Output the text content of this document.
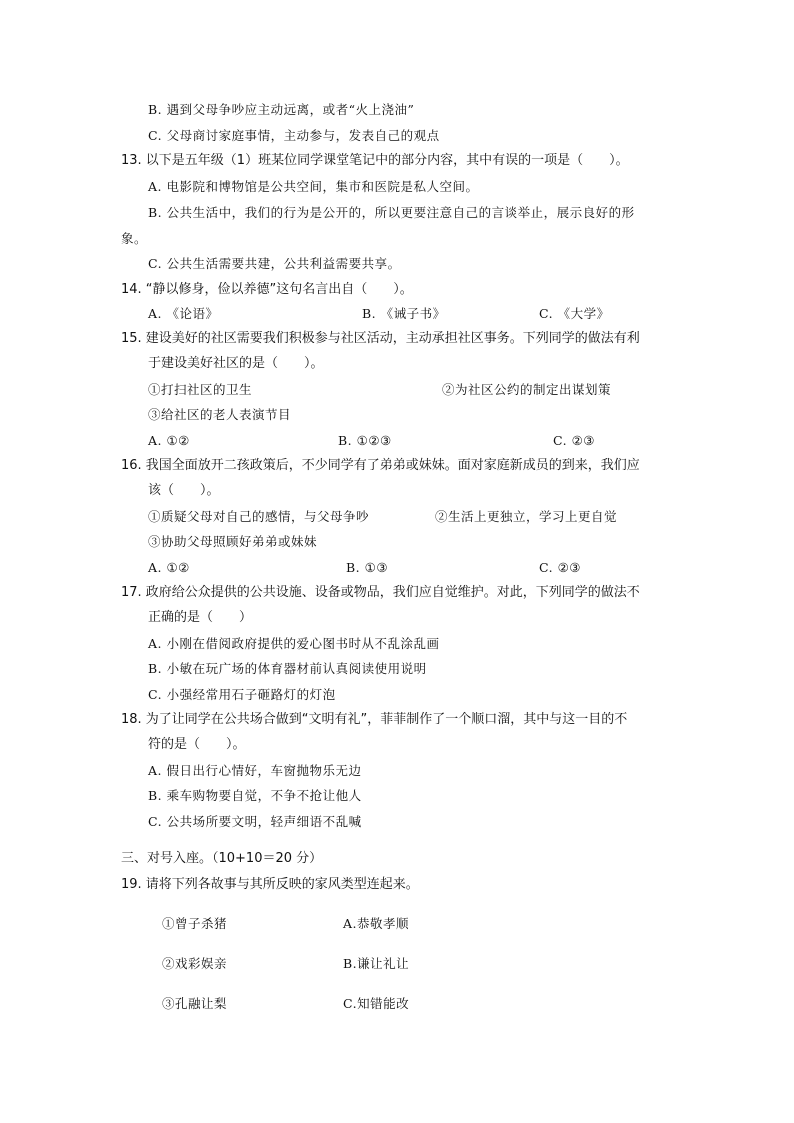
B. 遇到父母争吵应主动远离，或者“火上浇油”
C. 父母商讨家庭事情，主动参与，发表自己的观点
13. 以下是五年级（1）班某位同学课堂笔记中的部分内容，其中有误的一项是（　　）。
A. 电影院和博物馆是公共空间，集市和医院是私人空间。
B. 公共生活中，我们的行为是公开的，所以更要注意自己的言谈举止，展示良好的形
象。
C. 公共生活需要共建，公共利益需要共享。
14. “静以修身，俭以养德”这句名言出自（　　）。
A. 《论语》	B. 《诫子书》	C. 《大学》
15. 建设美好的社区需要我们积极参与社区活动，主动承担社区事务。下列同学的做法有利
于建设美好社区的是（　　）。
①打扫社区的卫生	②为社区公约的制定出谋划策
③给社区的老人表演节目
A. ①②	B. ①②③	C. ②③
16. 我国全面放开二孩政策后，不少同学有了弟弟或妹妹。面对家庭新成员的到来，我们应
该（　　）。
①质疑父母对自己的感情，与父母争吵	②生活上更独立，学习上更自觉
③协助父母照顾好弟弟或妹妹
A. ①②	B. ①③	C. ②③
17. 政府给公众提供的公共设施、设备或物品，我们应自觉维护。对此，下列同学的做法不
正确的是（　　）
A. 小刚在借阅政府提供的爱心图书时从不乱涂乱画
B. 小敏在玩广场的体育器材前认真阅读使用说明
C. 小强经常用石子砸路灯的灯泡
18. 为了让同学在公共场合做到“文明有礼”，菲菲制作了一个顺口溜，其中与这一目的不
符的是（　　）。
A. 假日出行心情好，车窗抛物乐无边
B. 乘车购物要自觉，不争不抢让他人
C. 公共场所要文明，轻声细语不乱喊
三、对号入座。（10+10＝20 分）
19. 请将下列各故事与其所反映的家风类型连起来。
①曾子杀猪	A.恭敬孝顺
②戏彩娱亲	B.谦让礼让
③孔融让梨	C.知错能改
